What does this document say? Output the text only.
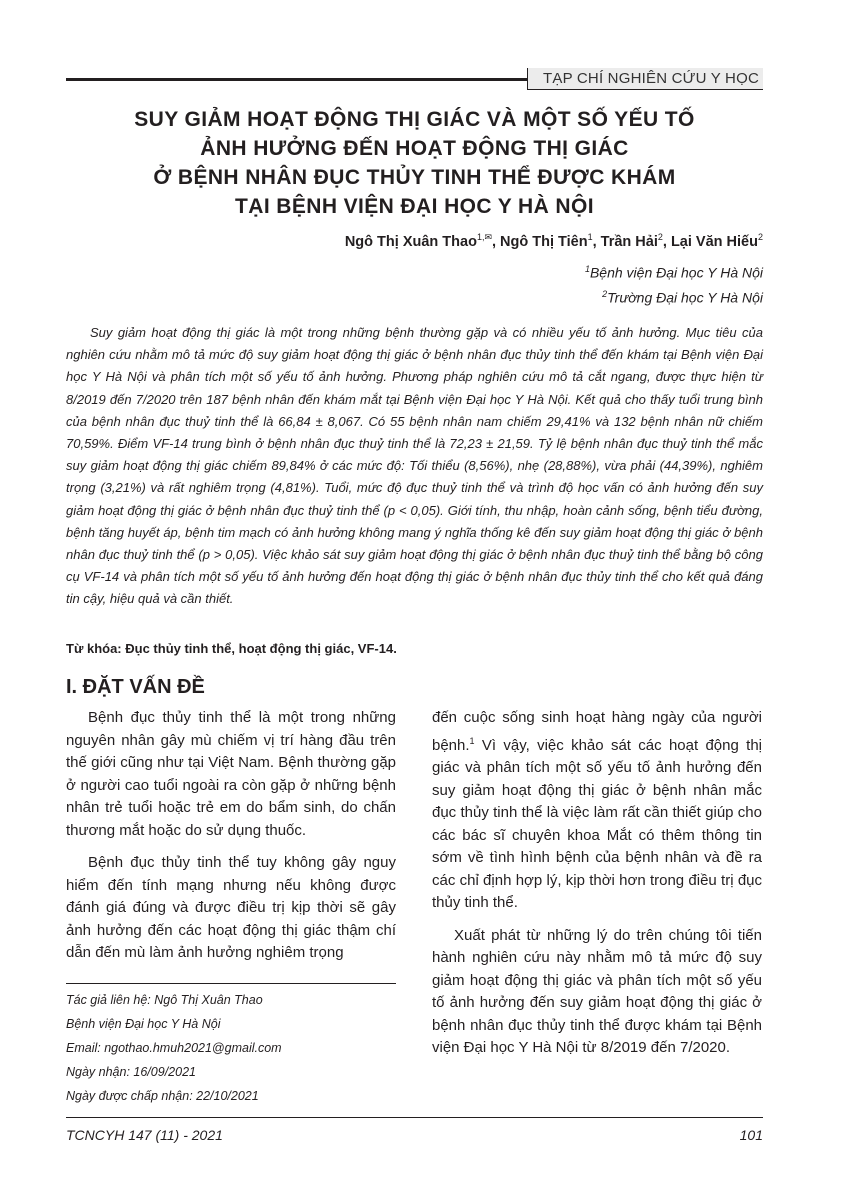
TẠP CHÍ NGHIÊN CỨU Y HỌC
SUY GIẢM HOẠT ĐỘNG THỊ GIÁC VÀ MỘT SỐ YẾU TỐ
ẢNH HƯỞNG ĐẾN HOẠT ĐỘNG THỊ GIÁC
Ở BỆNH NHÂN ĐỤC THỦY TINH THỂ ĐƯỢC KHÁM
TẠI BỆNH VIỆN ĐẠI HỌC Y HÀ NỘI
Ngô Thị Xuân Thao$^{1,✉}$, Ngô Thị Tiên$^1$, Trần Hải$^2$, Lại Văn Hiếu$^2$
$^1$Bệnh viện Đại học Y Hà Nội
$^2$Trường Đại học Y Hà Nội
Suy giảm hoạt động thị giác là một trong những bệnh thường gặp và có nhiều yếu tố ảnh hưởng. Mục tiêu của nghiên cứu nhằm mô tả mức độ suy giảm hoạt động thị giác ở bệnh nhân đục thủy tinh thể đến khám tại Bệnh viện Đại học Y Hà Nội và phân tích một số yếu tố ảnh hưởng. Phương pháp nghiên cứu mô tả cắt ngang, được thực hiện từ 8/2019 đến 7/2020 trên 187 bệnh nhân đến khám mắt tại Bệnh viện Đại học Y Hà Nội. Kết quả cho thấy tuổi trung bình của bệnh nhân đục thuỷ tinh thể là 66,84 ± 8,067. Có 55 bệnh nhân nam chiếm 29,41% và 132 bệnh nhân nữ chiếm 70,59%. Điểm VF-14 trung bình ở bệnh nhân đục thuỷ tinh thể là 72,23 ± 21,59. Tỷ lệ bệnh nhân đục thuỷ tinh thể mắc suy giảm hoạt động thị giác chiếm 89,84% ở các mức độ: Tối thiểu (8,56%), nhẹ (28,88%), vừa phải (44,39%), nghiêm trọng (3,21%) và rất nghiêm trọng (4,81%). Tuổi, mức độ đục thuỷ tinh thể và trình độ học vấn có ảnh hưởng đến suy giảm hoạt động thị giác ở bệnh nhân đục thuỷ tinh thể (p < 0,05). Giới tính, thu nhập, hoàn cảnh sống, bệnh tiểu đường, bệnh tăng huyết áp, bệnh tim mạch có ảnh hưởng không mang ý nghĩa thống kê đến suy giảm hoạt động thị giác ở bệnh nhân đục thuỷ tinh thể (p > 0,05). Việc khảo sát suy giảm hoạt động thị giác ở bệnh nhân đục thuỷ tinh thể bằng bộ công cụ VF-14 và phân tích một số yếu tố ảnh hưởng đến hoạt động thị giác ở bệnh nhân đục thủy tinh thể cho kết quả đáng tin cậy, hiệu quả và cần thiết.
Từ khóa: Đục thủy tinh thể, hoạt động thị giác, VF-14.
I. ĐẶT VẤN ĐỀ

Bệnh đục thủy tinh thể là một trong những nguyên nhân gây mù chiếm vị trí hàng đầu trên thế giới cũng như tại Việt Nam. Bệnh thường gặp ở người cao tuổi ngoài ra còn gặp ở những bệnh nhân trẻ tuổi hoặc trẻ em do bẩm sinh, do chấn thương mắt hoặc do sử dụng thuốc.

Bệnh đục thủy tinh thể tuy không gây nguy hiểm đến tính mạng nhưng nếu không được đánh giá đúng và được điều trị kịp thời sẽ gây ảnh hưởng đến các hoạt động thị giác thậm chí dẫn đến mù làm ảnh hưởng nghiêm trọng

đến cuộc sống sinh hoạt hàng ngày của người bệnh.$^1$ Vì vậy, việc khảo sát các hoạt động thị giác và phân tích một số yếu tố ảnh hưởng đến suy giảm hoạt động thị giác ở bệnh nhân mắc đục thủy tinh thể là việc làm rất cần thiết giúp cho các bác sĩ chuyên khoa Mắt có thêm thông tin sớm về tình hình bệnh của bệnh nhân và đề ra các chỉ định hợp lý, kịp thời hơn trong điều trị đục thủy tinh thể.

Xuất phát từ những lý do trên chúng tôi tiến hành nghiên cứu này nhằm mô tả mức độ suy giảm hoạt động thị giác và phân tích một số yếu tố ảnh hưởng đến suy giảm hoạt động thị giác ở bệnh nhân đục thủy tinh thể được khám tại Bệnh viện Đại học Y Hà Nội từ 8/2019 đến 7/2020.

Tác giả liên hệ: Ngô Thị Xuân Thao
Bệnh viện Đại học Y Hà Nội
Email: ngothao.hmuh2021@gmail.com
Ngày nhận: 16/09/2021
Ngày được chấp nhận: 22/10/2021
TCNCYH 147 (11) - 2021	101
